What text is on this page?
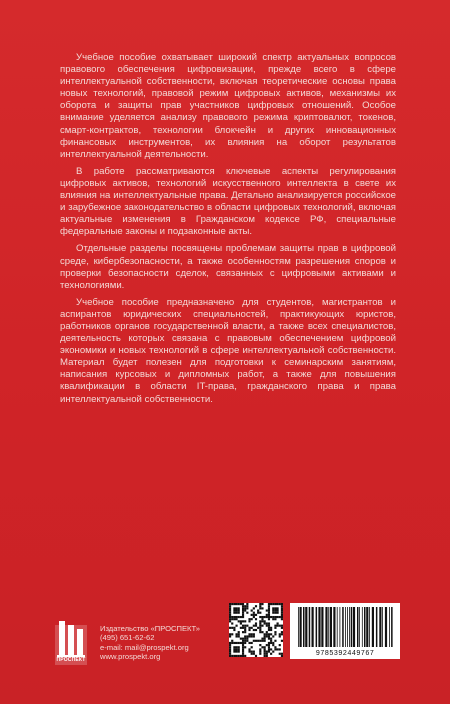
Учебное пособие охватывает широкий спектр актуальных вопросов правового обеспечения цифровизации, прежде всего в сфере интеллектуальной собственности, включая теоретические основы права новых технологий, правовой режим цифровых активов, механизмы их оборота и защиты прав участников цифровых отношений. Особое внимание уделяется анализу правового режима криптовалют, токенов, смарт-контрактов, технологии блокчейн и других инновационных финансовых инструментов, их влияния на оборот результатов интеллектуальной деятельности.

В работе рассматриваются ключевые аспекты регулирования цифровых активов, технологий искусственного интеллекта в свете их влияния на интеллектуальные права. Детально анализируется российское и зарубежное законодательство в области цифровых технологий, включая актуальные изменения в Гражданском кодексе РФ, специальные федеральные законы и подзаконные акты.

Отдельные разделы посвящены проблемам защиты прав в цифровой среде, кибербезопасности, а также особенностям разрешения споров и проверки безопасности сделок, связанных с цифровыми активами и технологиями.

Учебное пособие предназначено для студентов, магистрантов и аспирантов юридических специальностей, практикующих юристов, работников органов государственной власти, а также всех специалистов, деятельность которых связана с правовым обеспечением цифровой экономики и новых технологий в сфере интеллектуальной собственности. Материал будет полезен для подготовки к семинарским занятиям, написания курсовых и дипломных работ, а также для повышения квалификации в области IT-права, гражданского права и права интеллектуальной собственности.

ПРОСПЕКТ
Издательство «ПРОСПЕКТ»
(495) 651-62-62
e-mail: mail@prospekt.org
www.prospekt.org	9785392449767
